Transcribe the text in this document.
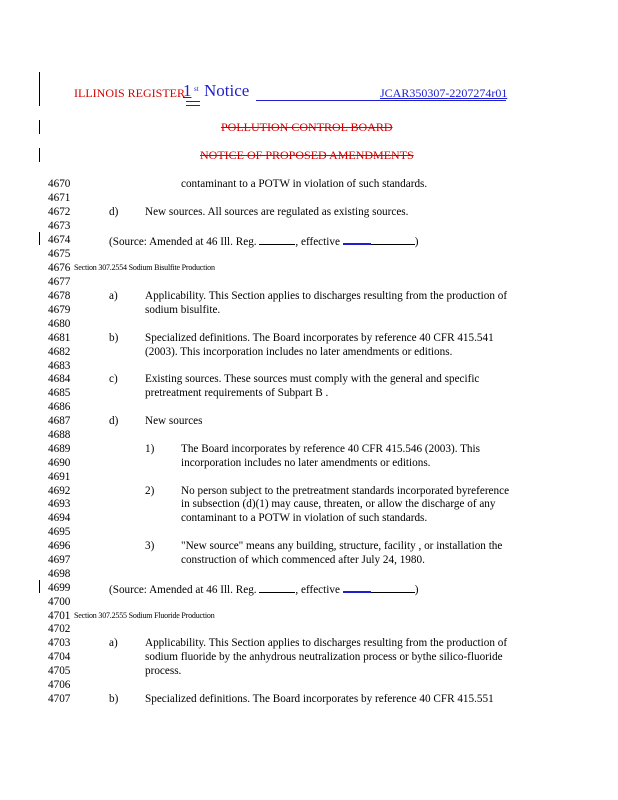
ILLINOIS REGISTER
1 st Notice	JCAR350307-2207274r01
POLLUTION CONTROL BOARD
NOTICE OF PROPOSED AMENDMENTS
4670
4671
4672
4673
4674
4675
4676
4677
4678
4679
4680
4681
4682
4683
4684
4685
4686
4687
4688
4689
4690
4691
4692
4693
4694
4695
4696
4697
4698
4699
4700
4701
4702
4703
4704
4705
4706
4707
contaminant to a POTW in violation of such standards.
d) New sources. All sources are regulated as existing sources.
(Source: Amended at 46 Ill. Reg.	, effective	)
Section 307.2554 Sodium Bisulfite Production
a) Applicability. This Section applies to discharges resulting from the production of
sodium bisulfite.
b) Specialized definitions. The Board incorporates by reference 40 CFR 415.541
(2003). This incorporation includes no later amendments or editions.
c) Existing sources. These sources must comply with the general and specific
pretreatment requirements of Subpart B .
d) New sources
1) The Board incorporates by reference 40 CFR 415.546 (2003). This
incorporation includes no later amendments or editions.
2) No person subject to the pretreatment standards incorporated byreference
in subsection (d)(1) may cause, threaten, or allow the discharge of any
contaminant to a POTW in violation of such standards.
3) "New source" means any building, structure, facility , or installation the
construction of which commenced after July 24, 1980.
(Source: Amended at 46 Ill. Reg.	, effective	)
Section 307.2555 Sodium Fluoride Production
a) Applicability. This Section applies to discharges resulting from the production of
sodium fluoride by the anhydrous neutralization process or bythe silico-fluoride
process.
b) Specialized definitions. The Board incorporates by reference 40 CFR 415.551
